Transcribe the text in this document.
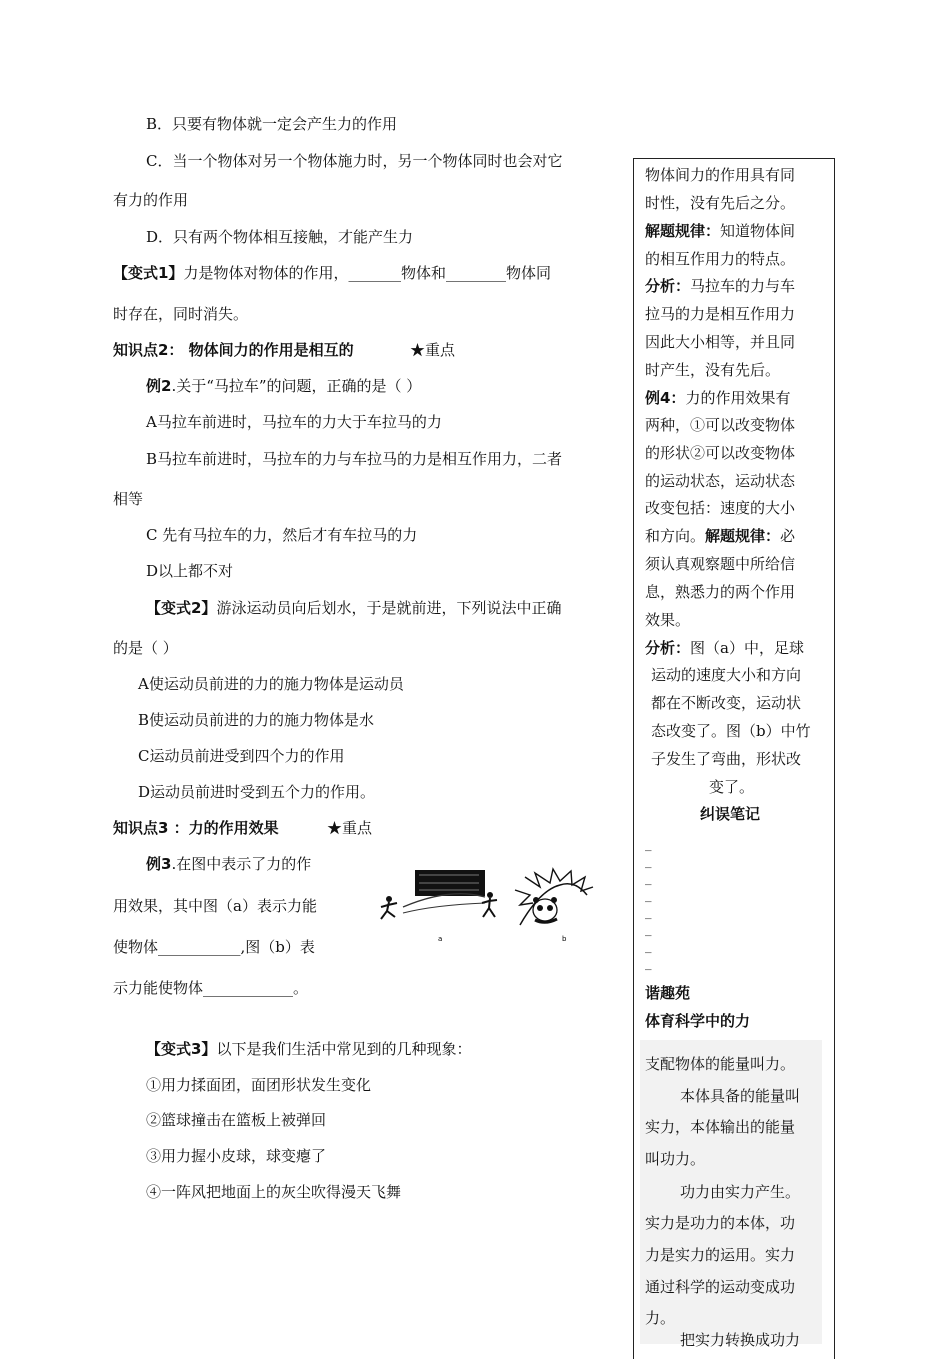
B．只要有物体就一定会产生力的作用
C．当一个物体对另一个物体施力时，另一个物体同时也会对它
有力的作用
D．只有两个物体相互接触，才能产生力
【变式1】力是物体对物体的作用，_______物体和________物体同
时存在，同时消失。
知识点2： 物体间力的作用是相互的	★重点
例2.关于“马拉车”的问题，正确的是（ ）
A马拉车前进时，马拉车的力大于车拉马的力
B马拉车前进时，马拉车的力与车拉马的力是相互作用力，二者
相等
C 先有马拉车的力，然后才有车拉马的力
D以上都不对
【变式2】游泳运动员向后划水，于是就前进，下列说法中正确
的是（ ）
A使运动员前进的力的施力物体是运动员
B使运动员前进的力的施力物体是水
C运动员前进受到四个力的作用
D运动员前进时受到五个力的作用。
知识点3 ：力的作用效果	★重点
例3.在图中表示了力的作
用效果，其中图（a）表示力能
使物体___________,图（b）表
示力能使物体____________。
a	b
【变式3】以下是我们生活中常见到的几种现象：
①用力揉面团，面团形状发生变化
②篮球撞击在篮板上被弹回
③用力握小皮球，球变瘪了
④一阵风把地面上的灰尘吹得漫天飞舞
物体间力的作用具有同
时性，没有先后之分。
解题规律：知道物体间
的相互作用力的特点。
分析：马拉车的力与车
拉马的力是相互作用力
因此大小相等，并且同
时产生，没有先后。
例4：力的作用效果有
两种，①可以改变物体
的形状②可以改变物体
的运动状态，运动状态
改变包括：速度的大小
和方向。解题规律：必
须认真观察题中所给信
息，熟悉力的两个作用
效果。
分析：图（a）中，足球
运动的速度大小和方向
都在不断改变，运动状
态改变了。图（b）中竹
子发生了弯曲，形状改
变了。
纠误笔记
_
_
_
_
_
_
_
_
谐趣苑
体育科学中的力
支配物体的能量叫力。
本体具备的能量叫
实力，本体输出的能量
叫功力。
功力由实力产生。
实力是功力的本体，功
力是实力的运用。实力
通过科学的运动变成功
力。
把实力转换成功力
